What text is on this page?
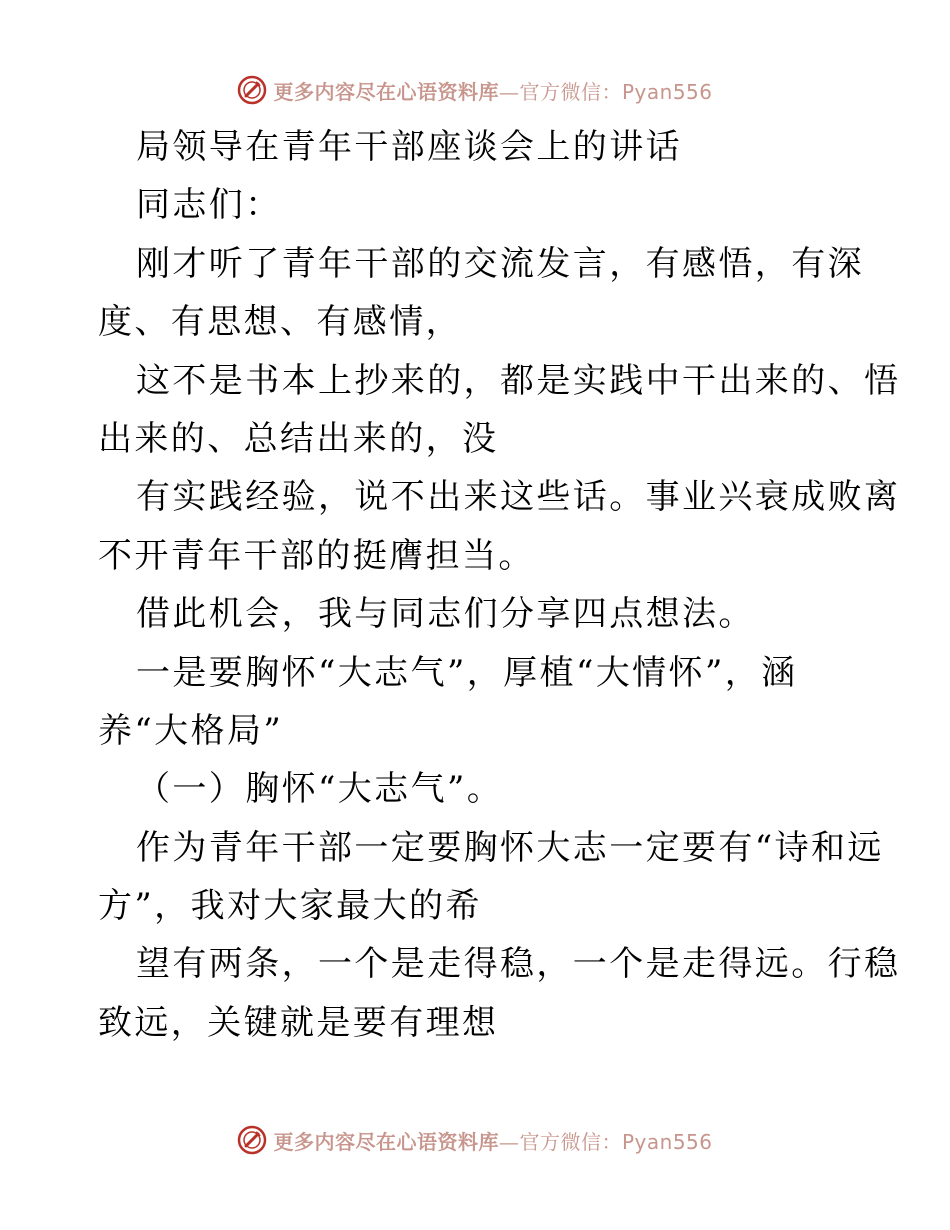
更多内容尽在心语资料库—官方微信：Pyan556
局领导在青年干部座谈会上的讲话
同志们：
刚才听了青年干部的交流发言，有感悟，有深
度、有思想、有感情，
这不是书本上抄来的，都是实践中干出来的、悟
出来的、总结出来的，没
有实践经验，说不出来这些话。事业兴衰成败离
不开青年干部的挺膺担当。
借此机会，我与同志们分享四点想法。
一是要胸怀“大志气”，厚植“大情怀”，涵
养“大格局”
（一）胸怀“大志气”。
作为青年干部一定要胸怀大志一定要有“诗和远
方”，我对大家最大的希
望有两条，一个是走得稳，一个是走得远。行稳
致远，关键就是要有理想
更多内容尽在心语资料库—官方微信：Pyan556
